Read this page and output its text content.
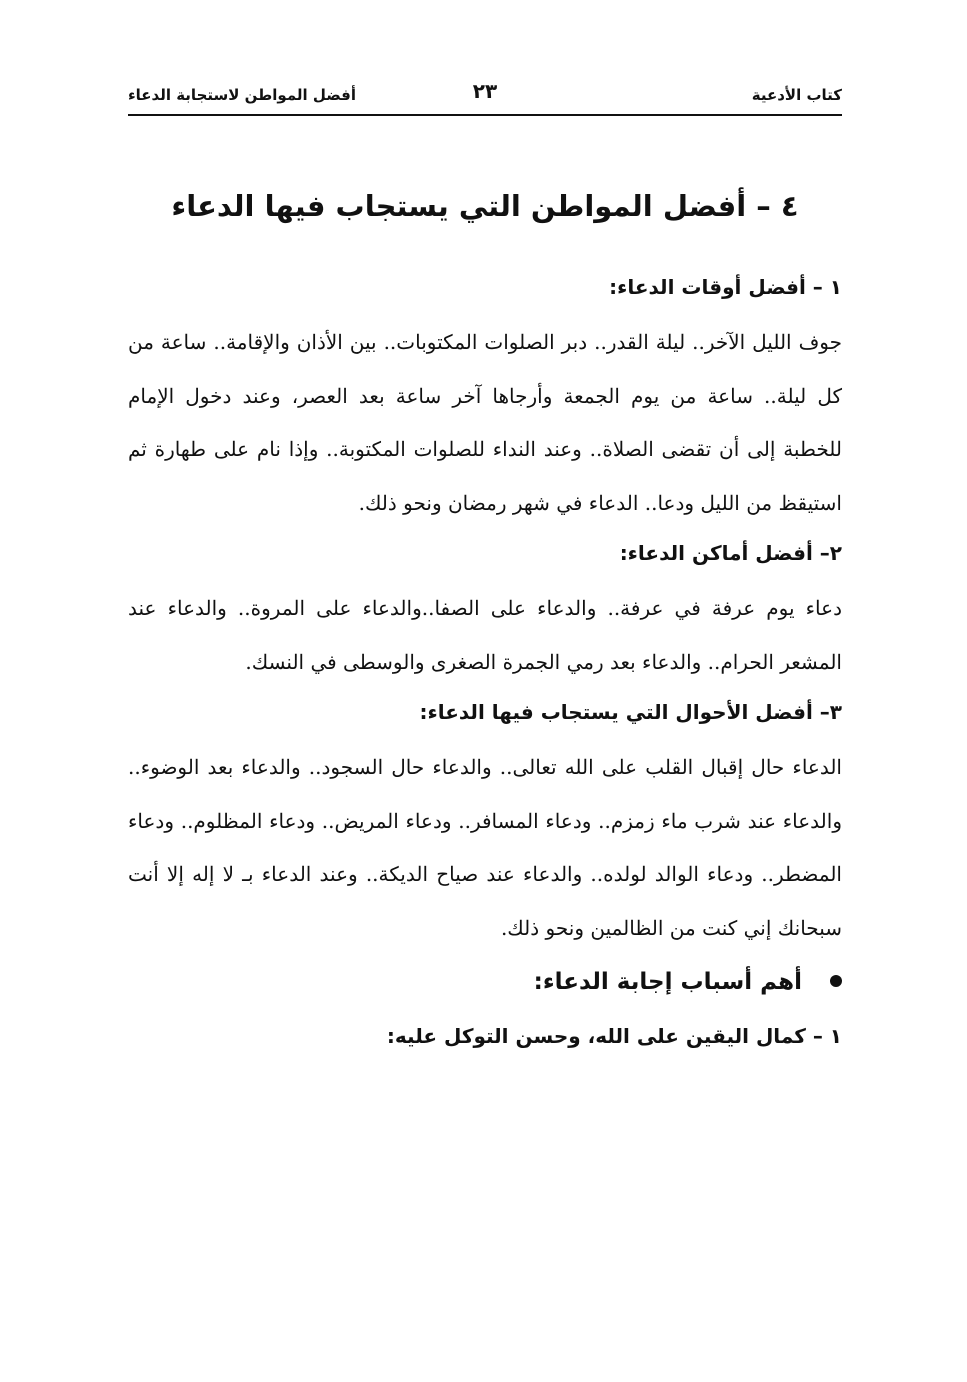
كتاب الأدعية
٢٣
أفضل المواطن لاستجابة الدعاء
٤ – أفضل المواطن التي يستجاب فيها الدعاء
١ – أفضل أوقات الدعاء:

جوف الليل الآخر.. ليلة القدر.. دبر الصلوات المكتوبات.. بين الأذان والإقامة.. ساعة من كل ليلة.. ساعة من يوم الجمعة وأرجاها آخر ساعة بعد العصر، وعند دخول الإمام للخطبة إلى أن تقضى الصلاة.. وعند النداء للصلوات المكتوبة.. وإذا نام على طهارة ثم استيقظ من الليل ودعا.. الدعاء في شهر رمضان ونحو ذلك.

٢– أفضل أماكن الدعاء:

دعاء يوم عرفة في عرفة.. والدعاء على الصفا..والدعاء على المروة.. والدعاء عند المشعر الحرام.. والدعاء بعد رمي الجمرة الصغرى والوسطى في النسك.

٣– أفضل الأحوال التي يستجاب فيها الدعاء:

الدعاء حال إقبال القلب على الله تعالى.. والدعاء حال السجود.. والدعاء بعد الوضوء.. والدعاء عند شرب ماء زمزم.. ودعاء المسافر.. ودعاء المريض.. ودعاء المظلوم.. ودعاء المضطر.. ودعاء الوالد لولده.. والدعاء عند صياح الديكة.. وعند الدعاء بـ لا إله إلا أنت سبحانك إني كنت من الظالمين ونحو ذلك.

أهم أسباب إجابة الدعاء:
١ – كمال اليقين على الله، وحسن التوكل عليه:
